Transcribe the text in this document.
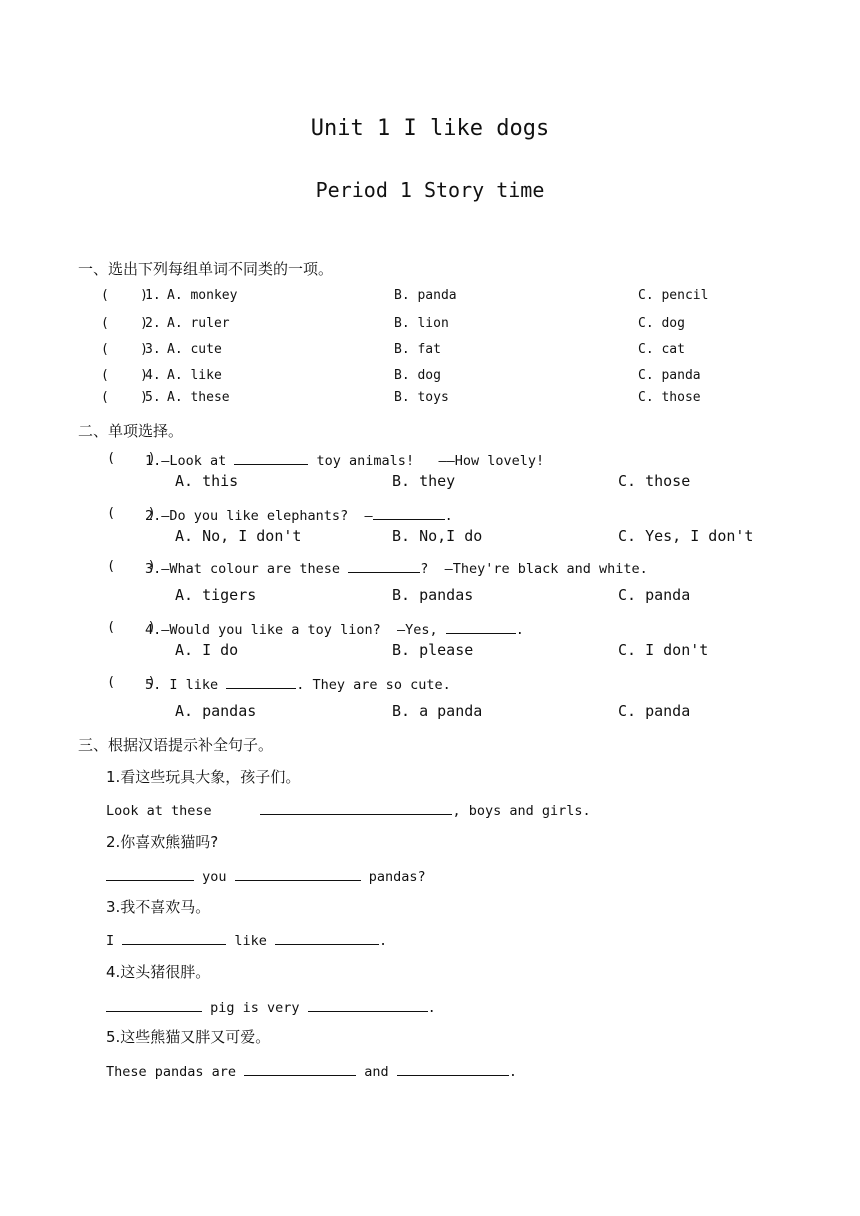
Unit 1 I like dogs
Period 1 Story time
一、选出下列每组单词不同类的一项。
(    )
1. A. monkey	B. panda	C. pencil
(    )
2. A. ruler	B. lion	C. dog
(    )
3. A. cute	B. fat	C. cat
(    )
4. A. like	B. dog	C. panda
(    )
5. A. these	B. toys	C. those
二、单项选择。
(    )
1.—Look at	toy animals!   ——How lovely!
A. this	B. they	C. those
(    )
2.—Do you like elephants?  —	.
A. No, I don't	B. No,I do	C. Yes, I don't
(    )
3.—What colour are these	?  —They're black and white.
A. tigers	B. pandas	C. panda
(    )
4.—Would you like a toy lion?  —Yes,	.
A. I do	B. please	C. I don't
(    )
5. I like	. They are so cute.
A. pandas	B. a panda	C. panda
三、根据汉语提示补全句子。
1.看这些玩具大象，孩子们。
Look at these	, boys and girls.
2.你喜欢熊猫吗?
you	pandas?
3.我不喜欢马。
I	like	.
4.这头猪很胖。
pig is very	.
5.这些熊猫又胖又可爱。
These pandas are	and	.
